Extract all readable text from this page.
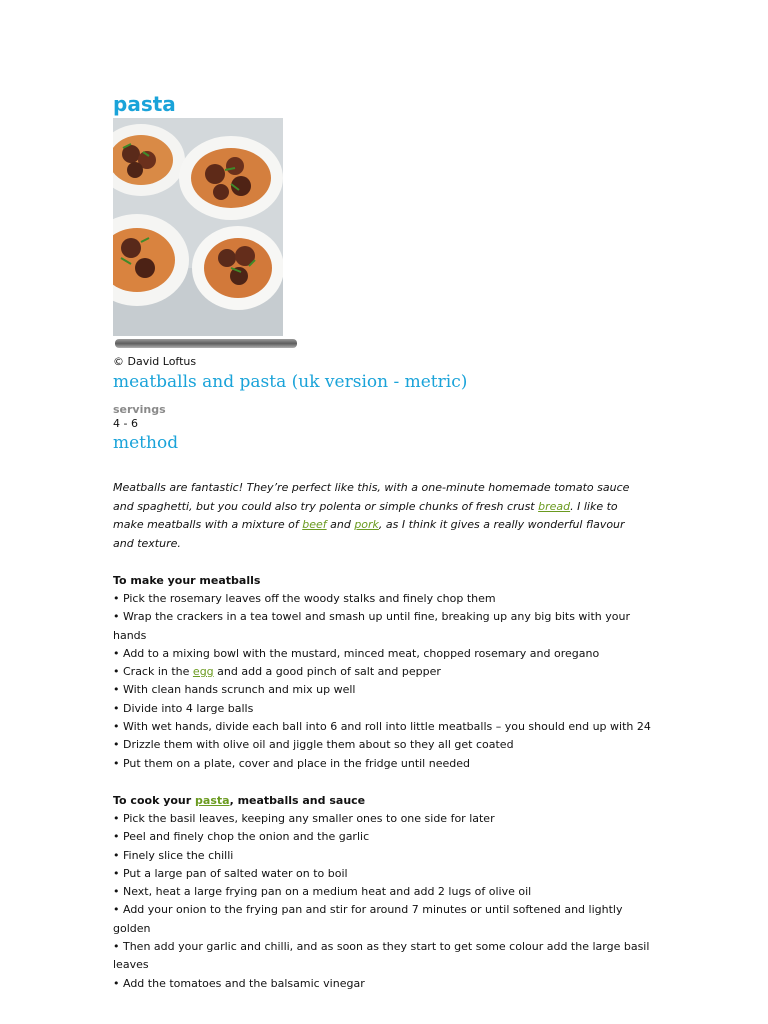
pasta
© David Loftus
meatballs and pasta (uk version - metric)
servings
4 - 6
method

Meatballs are fantastic! They’re perfect like this, with a one-minute homemade tomato sauce and spaghetti, but you could also try polenta or simple chunks of fresh crust bread. I like to make meatballs with a mixture of beef and pork, as I think it gives a really wonderful flavour and texture.

To make your meatballs
• Pick the rosemary leaves off the woody stalks and finely chop them
• Wrap the crackers in a tea towel and smash up until fine, breaking up any big bits with your hands
• Add to a mixing bowl with the mustard, minced meat, chopped rosemary and oregano
• Crack in the egg and add a good pinch of salt and pepper
• With clean hands scrunch and mix up well
• Divide into 4 large balls
• With wet hands, divide each ball into 6 and roll into little meatballs – you should end up with 24
• Drizzle them with olive oil and jiggle them about so they all get coated
• Put them on a plate, cover and place in the fridge until needed
To cook your pasta, meatballs and sauce
• Pick the basil leaves, keeping any smaller ones to one side for later
• Peel and finely chop the onion and the garlic
• Finely slice the chilli
• Put a large pan of salted water on to boil
• Next, heat a large frying pan on a medium heat and add 2 lugs of olive oil
• Add your onion to the frying pan and stir for around 7 minutes or until softened and lightly golden
• Then add your garlic and chilli, and as soon as they start to get some colour add the large basil leaves
• Add the tomatoes and the balsamic vinegar
